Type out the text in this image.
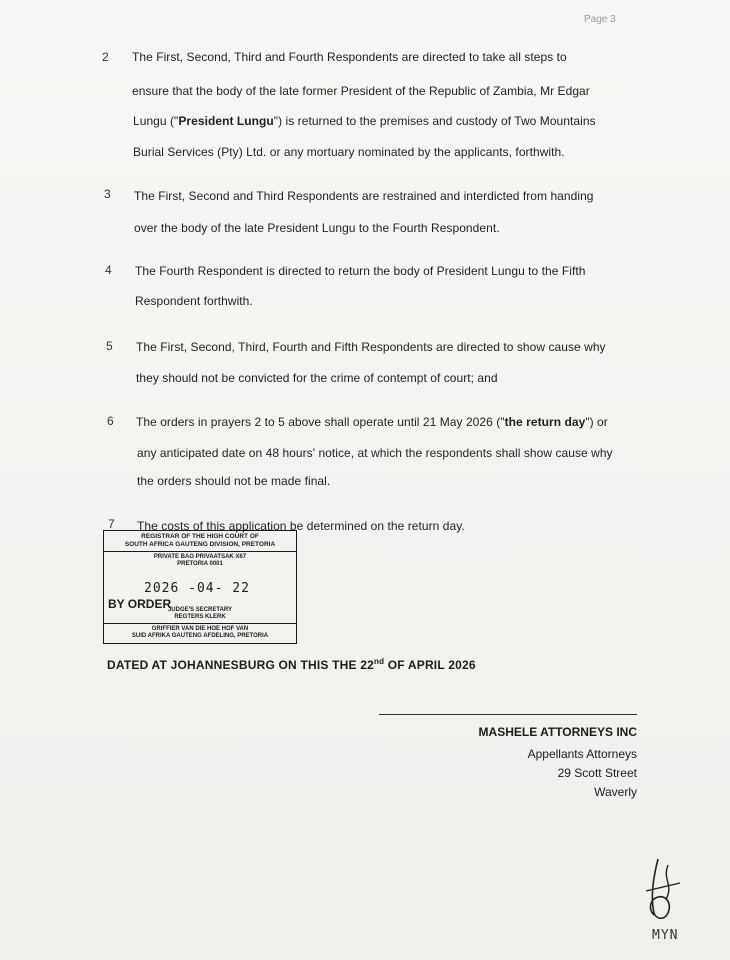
Page 3
2 The First, Second, Third and Fourth Respondents are directed to take all steps to
ensure that the body of the late former President of the Republic of Zambia, Mr Edgar
Lungu ("President Lungu") is returned to the premises and custody of Two Mountains
Burial Services (Pty) Ltd. or any mortuary nominated by the applicants, forthwith.
3 The First, Second and Third Respondents are restrained and interdicted from handing
over the body of the late President Lungu to the Fourth Respondent.
4 The Fourth Respondent is directed to return the body of President Lungu to the Fifth
Respondent forthwith.
5 The First, Second, Third, Fourth and Fifth Respondents are directed to show cause why
they should not be convicted for the crime of contempt of court; and
6 The orders in prayers 2 to 5 above shall operate until 21 May 2026 ("the return day") or
any anticipated date on 48 hours' notice, at which the respondents shall show cause why
the orders should not be made final.
7 The costs of this application be determined on the return day.
REGISTRAR OF THE HIGH COURT OF
SOUTH AFRICA GAUTENG DIVISION, PRETORIA
PRIVATE BAG PRIVAATSAK X67
PRETORIA 0001
2026 -04- 22
BY ORDER
JUDGE'S SECRETARY
REGTERS KLERK
GRIFFIER VAN DIE HOE HOF VAN
SUID AFRIKA GAUTENG AFDELING, PRETORIA
DATED AT JOHANNESBURG ON THIS THE 22nd OF APRIL 2026
MASHELE ATTORNEYS INC
Appellants Attorneys
29 Scott Street
Waverly
MYN
